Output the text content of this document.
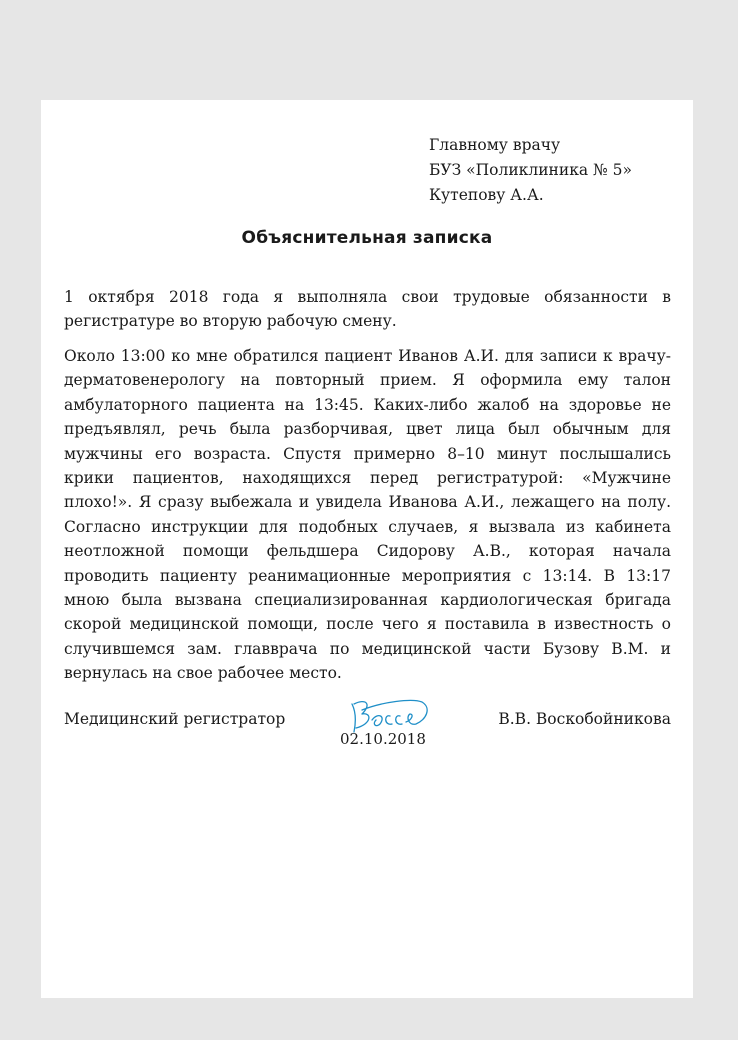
Главному врачу
БУЗ «Поликлиника № 5»
Кутепову А.А.
Объяснительная записка

1 октября 2018 года я выполняла свои трудовые обязанности в регистратуре во вторую рабочую смену.

Около 13:00 ко мне обратился пациент Иванов А.И. для записи к врачу-дерматовенерологу на повторный прием. Я оформила ему талон амбулаторного пациента на 13:45. Каких-либо жалоб на здоровье не предъявлял, речь была разборчивая, цвет лица был обычным для мужчины его возраста. Спустя примерно 8–10 минут послышались крики пациентов, находящихся перед регистратурой: «Мужчине плохо!». Я сразу выбежала и увидела Иванова А.И., лежащего на полу. Согласно инструкции для подобных случаев, я вызвала из кабинета неотложной помощи фельдшера Сидорову А.В., которая начала проводить пациенту реанимационные мероприятия с 13:14. В 13:17 мною была вызвана специализированная кардиологическая бригада скорой медицинской помощи, после чего я поставила в известность о случившемся зам. главврача по медицинской части Бузову В.М. и вернулась на свое рабочее место.

Медицинский регистратор
02.10.2018
В.В. Воскобойникова
